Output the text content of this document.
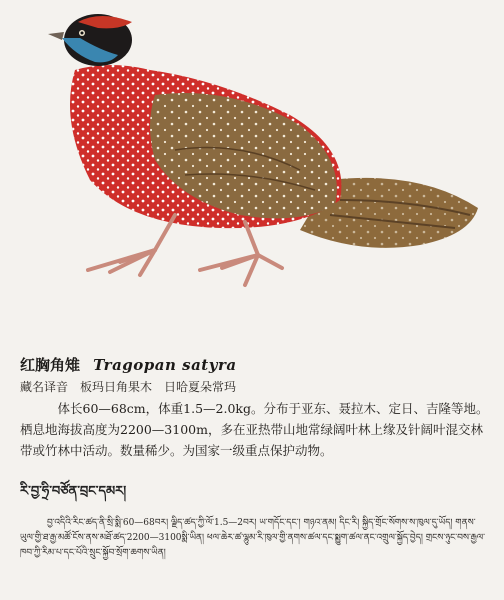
红胸角雉 Tragopan satyra
藏名译音　板玛日角果木　日哈夏朵常玛

体长60—68cm，体重1.5—2.0kg。分布于亚东、聂拉木、定日、吉隆等地。栖息地海拔高度为2200—3100m，多在亚热带山地常绿阔叶林上缘及针阔叶混交林带或竹林中活动。数量稀少。为国家一级重点保护动物。

རི་བྱ་ཧྲི་བཙོན་བྲང་དམར།
བྱ་འདིའི་རིང་ཚད་ནི་སྲི་སྨི་60—68བར། ལྗིད་ཚད་ཀྱི་ལོ་1.5—2བར། ཡ་གདོང་དང་། གཉའ་ནམ། དིང་རི། སྐྱིད་གྲོང་སོགས་ས་ཁུལ་དུ་ཡོད། གནས་ཡུལ་གྱི་ཐ་རྒྱ་མཚོ་ངོས་ནས་མཐོ་ཚད་2200—3100སྨི་ཡིན། ཕལ་ཆེར་ཚ་ལྷུམ་རི་ཁུལ་གྱི་ནགས་ཚལ་དང་སྨྱུག་ཚལ་ནང་འགྲུལ་སྐྱོད་བྱེད། གྲངས་ཉུང་བས་རྒྱལ་ཁབ་ཀྱི་རིམ་པ་དང་པོའི་སྲུང་སྐྱོབ་སྲོག་ཆགས་ཡིན།
